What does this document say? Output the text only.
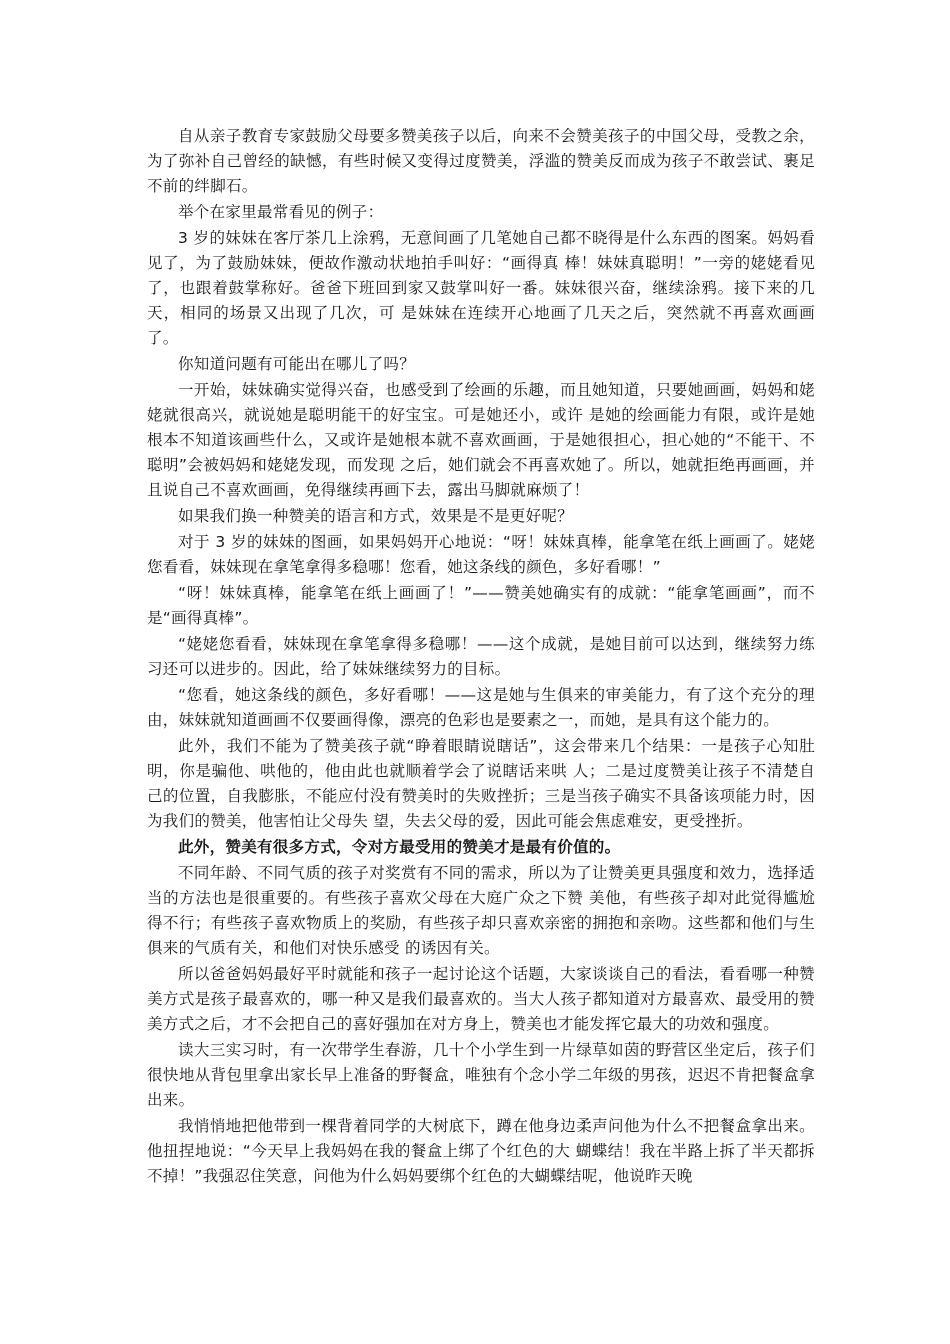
自从亲子教育专家鼓励父母要多赞美孩子以后，向来不会赞美孩子的中国父母，受教之余，为了弥补自己曾经的缺憾，有些时候又变得过度赞美，浮滥的赞美反而成为孩子不敢尝试、裹足不前的绊脚石。

举个在家里最常看见的例子：

3 岁的妹妹在客厅茶几上涂鸦，无意间画了几笔她自己都不晓得是什么东西的图案。妈妈看见了，为了鼓励妹妹，便故作激动状地拍手叫好：“画得真 棒！妹妹真聪明！”一旁的姥姥看见了，也跟着鼓掌称好。爸爸下班回到家又鼓掌叫好一番。妹妹很兴奋，继续涂鸦。接下来的几天，相同的场景又出现了几次，可 是妹妹在连续开心地画了几天之后，突然就不再喜欢画画了。

你知道问题有可能出在哪儿了吗？

一开始，妹妹确实觉得兴奋，也感受到了绘画的乐趣，而且她知道，只要她画画，妈妈和姥姥就很高兴，就说她是聪明能干的好宝宝。可是她还小，或许 是她的绘画能力有限，或许是她根本不知道该画些什么，又或许是她根本就不喜欢画画，于是她很担心，担心她的“不能干、不聪明”会被妈妈和姥姥发现，而发现 之后，她们就会不再喜欢她了。所以，她就拒绝再画画，并且说自己不喜欢画画，免得继续再画下去，露出马脚就麻烦了！

如果我们换一种赞美的语言和方式，效果是不是更好呢？

对于 3 岁的妹妹的图画，如果妈妈开心地说：“呀！妹妹真棒，能拿笔在纸上画画了。姥姥您看看，妹妹现在拿笔拿得多稳哪！您看，她这条线的颜色，多好看哪！”

“呀！妹妹真棒，能拿笔在纸上画画了！”——赞美她确实有的成就：“能拿笔画画”，而不是“画得真棒”。

“姥姥您看看，妹妹现在拿笔拿得多稳哪！——这个成就，是她目前可以达到，继续努力练习还可以进步的。因此，给了妹妹继续努力的目标。

“您看，她这条线的颜色，多好看哪！——这是她与生俱来的审美能力，有了这个充分的理由，妹妹就知道画画不仅要画得像，漂亮的色彩也是要素之一，而她，是具有这个能力的。

此外，我们不能为了赞美孩子就“睁着眼睛说瞎话”，这会带来几个结果：一是孩子心知肚明，你是骗他、哄他的，他由此也就顺着学会了说瞎话来哄 人；二是过度赞美让孩子不清楚自己的位置，自我膨胀，不能应付没有赞美时的失败挫折；三是当孩子确实不具备该项能力时，因为我们的赞美，他害怕让父母失 望，失去父母的爱，因此可能会焦虑难安，更受挫折。

此外，赞美有很多方式，令对方最受用的赞美才是最有价值的。

不同年龄、不同气质的孩子对奖赏有不同的需求，所以为了让赞美更具强度和效力，选择适当的方法也是很重要的。有些孩子喜欢父母在大庭广众之下赞 美他，有些孩子却对此觉得尴尬得不行；有些孩子喜欢物质上的奖励，有些孩子却只喜欢亲密的拥抱和亲吻。这些都和他们与生俱来的气质有关，和他们对快乐感受 的诱因有关。

所以爸爸妈妈最好平时就能和孩子一起讨论这个话题，大家谈谈自己的看法，看看哪一种赞美方式是孩子最喜欢的，哪一种又是我们最喜欢的。当大人孩子都知道对方最喜欢、最受用的赞美方式之后，才不会把自己的喜好强加在对方身上，赞美也才能发挥它最大的功效和强度。

读大三实习时，有一次带学生春游，几十个小学生到一片绿草如茵的野营区坐定后，孩子们很快地从背包里拿出家长早上准备的野餐盒，唯独有个念小学二年级的男孩，迟迟不肯把餐盒拿出来。

我悄悄地把他带到一棵背着同学的大树底下，蹲在他身边柔声问他为什么不把餐盒拿出来。他扭捏地说：“今天早上我妈妈在我的餐盒上绑了个红色的大 蝴蝶结！我在半路上拆了半天都拆不掉！”我强忍住笑意，问他为什么妈妈要绑个红色的大蝴蝶结呢，他说昨天晚
